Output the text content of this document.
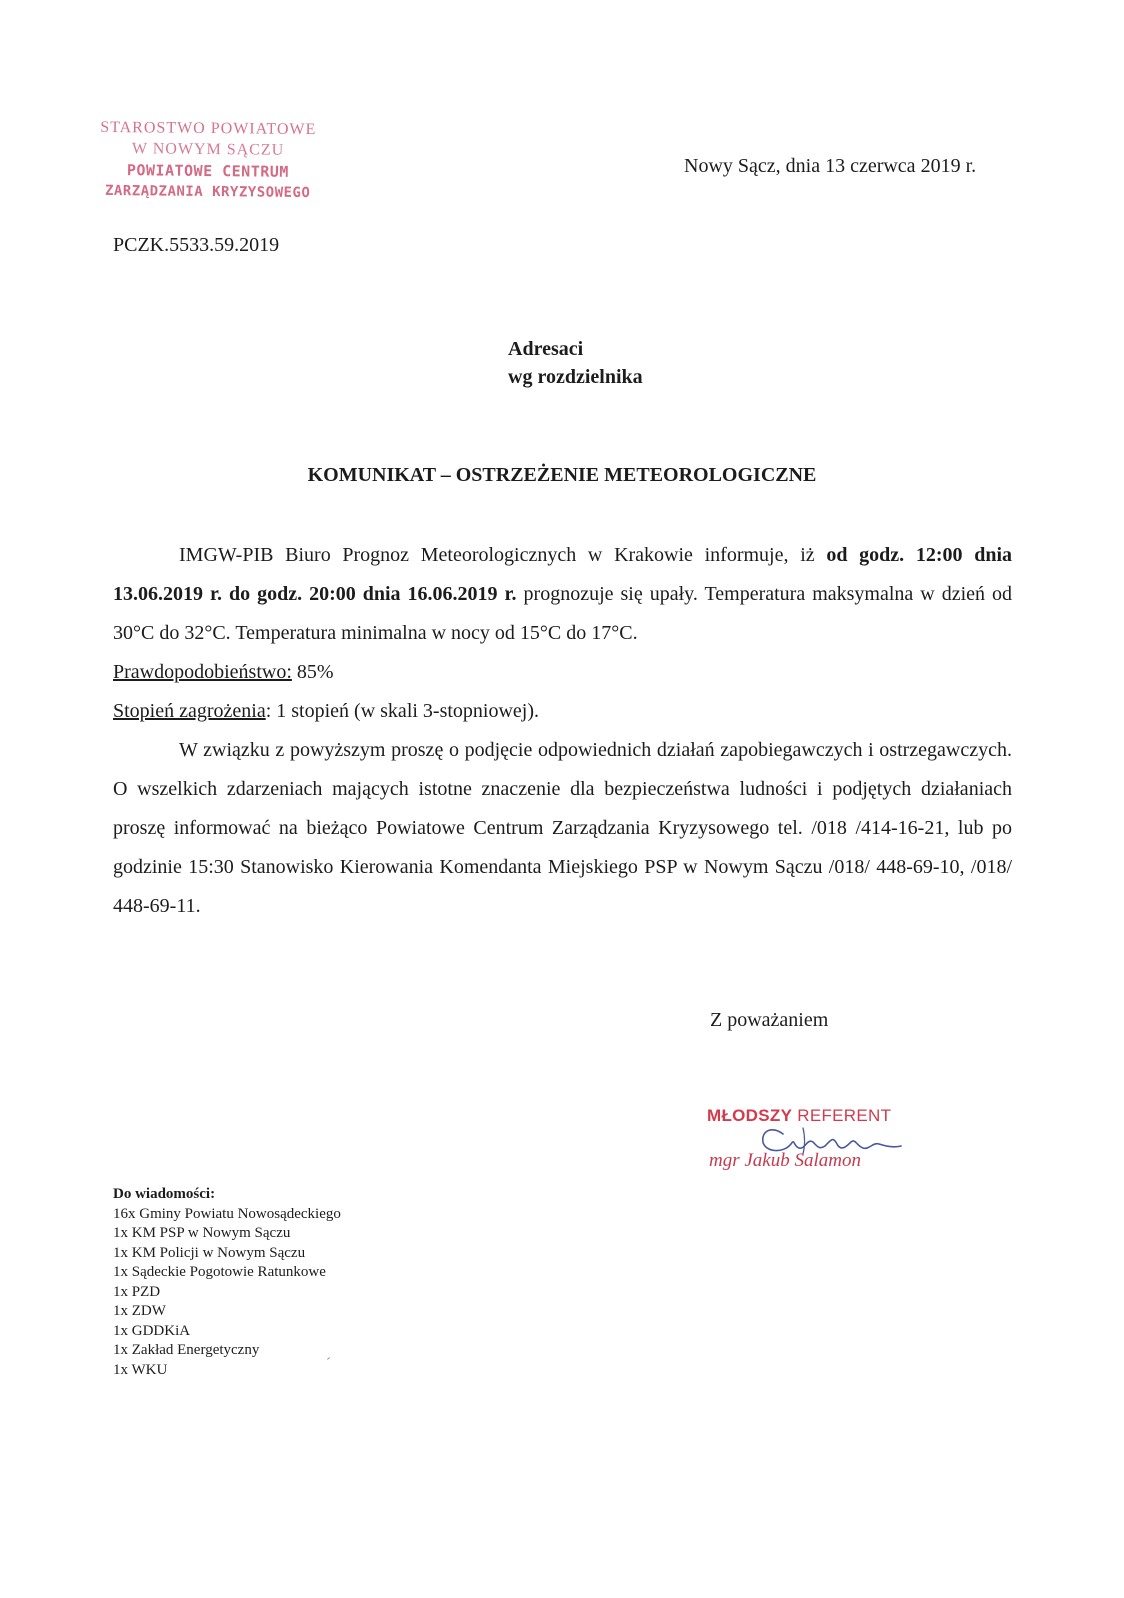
STAROSTWO POWIATOWE
W NOWYM SĄCZU
POWIATOWE CENTRUM
ZARZĄDZANIA KRYZYSOWEGO
Nowy Sącz, dnia 13 czerwca 2019 r.
PCZK.5533.59.2019
Adresaci
wg rozdzielnika
KOMUNIKAT – OSTRZEŻENIE METEOROLOGICZNE

IMGW-PIB Biuro Prognoz Meteorologicznych w Krakowie informuje, iż od godz. 12:00 dnia 13.06.2019 r. do godz. 20:00 dnia 16.06.2019 r. prognozuje się upały. Temperatura maksymalna w dzień od 30°C do 32°C. Temperatura minimalna w nocy od 15°C do 17°C.

Prawdopodobieństwo: 85%

Stopień zagrożenia: 1 stopień (w skali 3-stopniowej).

W związku z powyższym proszę o podjęcie odpowiednich działań zapobiegawczych i ostrzegawczych. O wszelkich zdarzeniach mających istotne znaczenie dla bezpieczeństwa ludności i podjętych działaniach proszę informować na bieżąco Powiatowe Centrum Zarządzania Kryzysowego tel. /018 /414-16-21, lub po godzinie 15:30 Stanowisko Kierowania Komendanta Miejskiego PSP w Nowym Sączu /018/ 448-69-10, /018/ 448-69-11.

Z poważaniem
MŁODSZY REFERENT
mgr Jakub Salamon
Do wiadomości:
16x Gminy Powiatu Nowosądeckiego
1x KM PSP w Nowym Sączu
1x KM Policji w Nowym Sączu
1x Sądeckie Pogotowie Ratunkowe
1x PZD
1x ZDW
1x GDDKiA
1x Zakład Energetyczny
1x WKU
